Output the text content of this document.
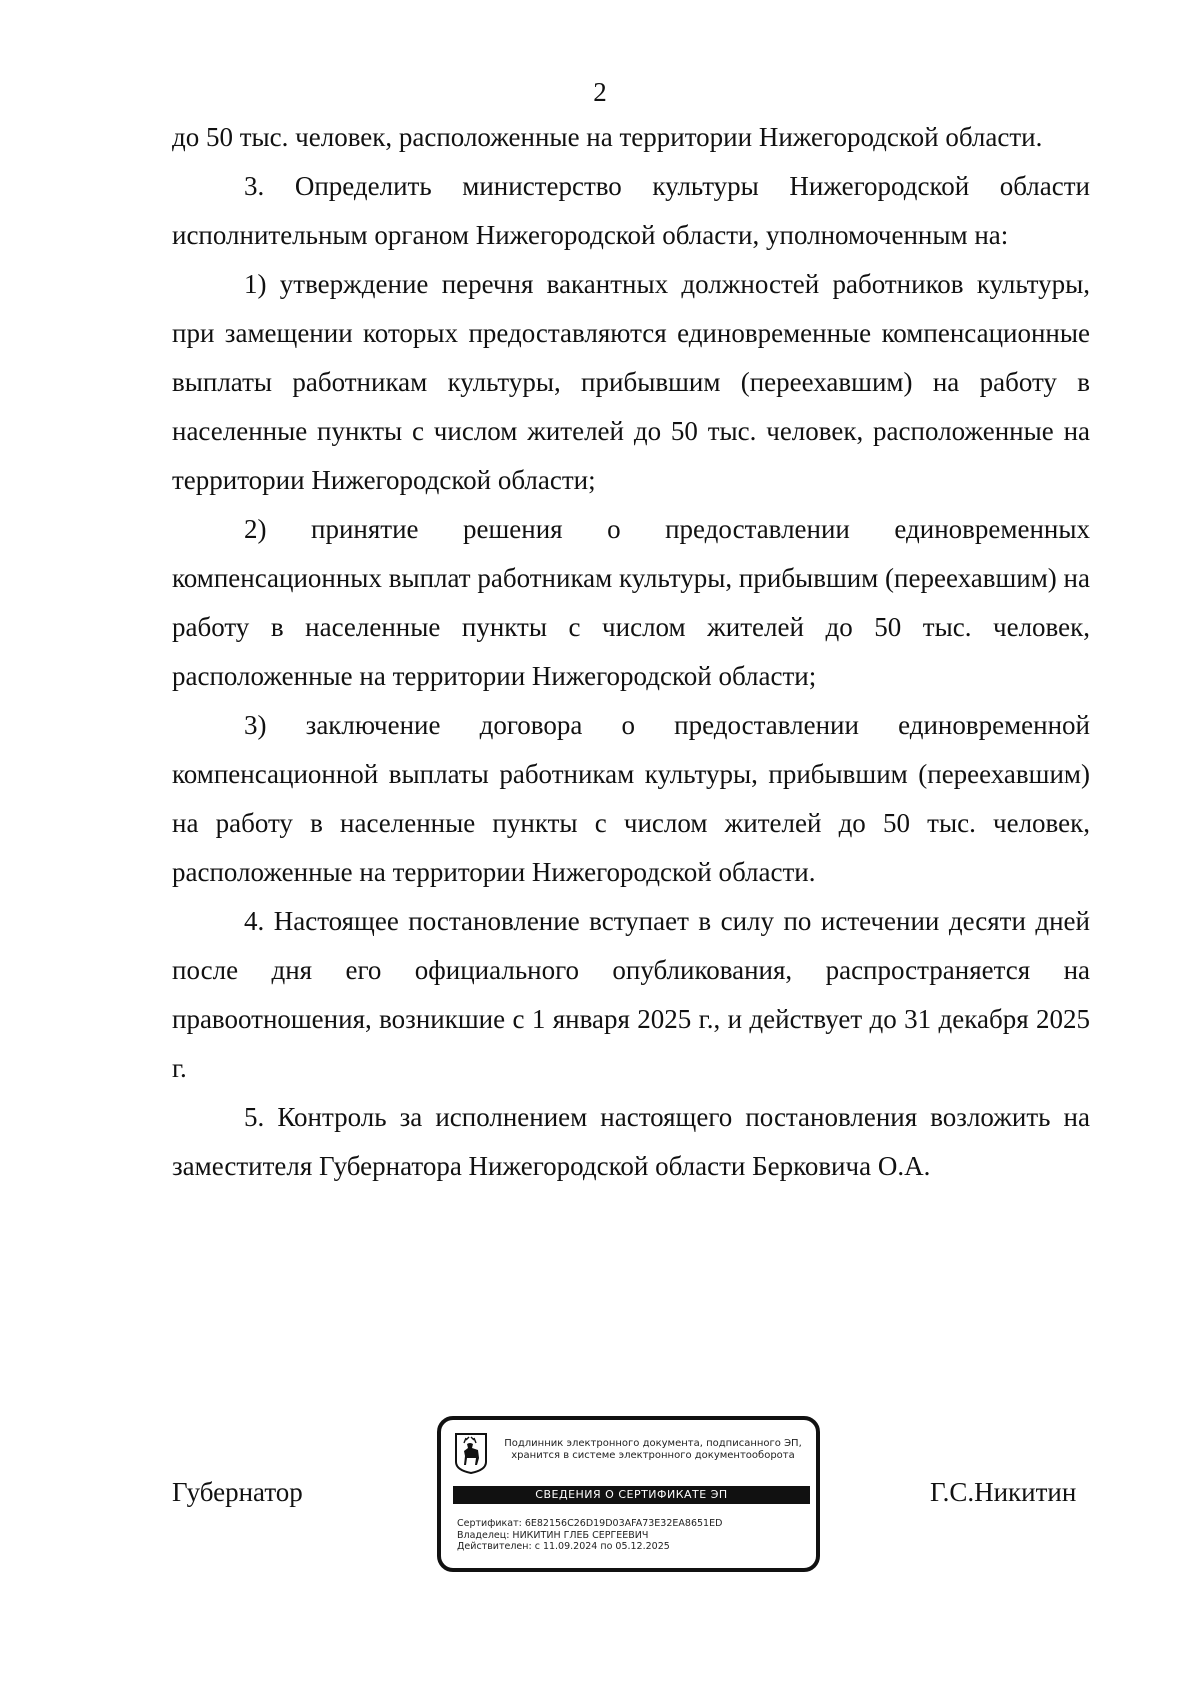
2

до 50 тыс. человек, расположенные на территории Нижегородской области.

3. Определить министерство культуры Нижегородской области исполнительным органом Нижегородской области, уполномоченным на:

1) утверждение перечня вакантных должностей работников культуры, при замещении которых предоставляются единовременные компенсационные выплаты работникам культуры, прибывшим (переехавшим) на работу в населенные пункты с числом жителей до 50 тыс. человек, расположенные на территории Нижегородской области;

2) принятие решения о предоставлении единовременных компенсационных выплат работникам культуры, прибывшим (переехавшим) на работу в населенные пункты с числом жителей до 50 тыс. человек, расположенные на территории Нижегородской области;

3) заключение договора о предоставлении единовременной компенсационной выплаты работникам культуры, прибывшим (переехавшим) на работу в населенные пункты с числом жителей до 50 тыс. человек, расположенные на территории Нижегородской области.

4. Настоящее постановление вступает в силу по истечении десяти дней после дня его официального опубликования, распространяется на правоотношения, возникшие с 1 января 2025 г., и действует до 31 декабря 2025 г.

5. Контроль за исполнением настоящего постановления возложить на заместителя Губернатора Нижегородской области Берковича О.А.

Губернатор
Подлинник электронного документа, подписанного ЭП,
хранится в системе электронного документооборота
СВЕДЕНИЯ О СЕРТИФИКАТЕ ЭП
Сертификат: 6E82156C26D19D03AFA73E32EA8651ED
Владелец: НИКИТИН ГЛЕБ СЕРГЕЕВИЧ
Действителен: с 11.09.2024 по 05.12.2025
Г.С.Никитин
